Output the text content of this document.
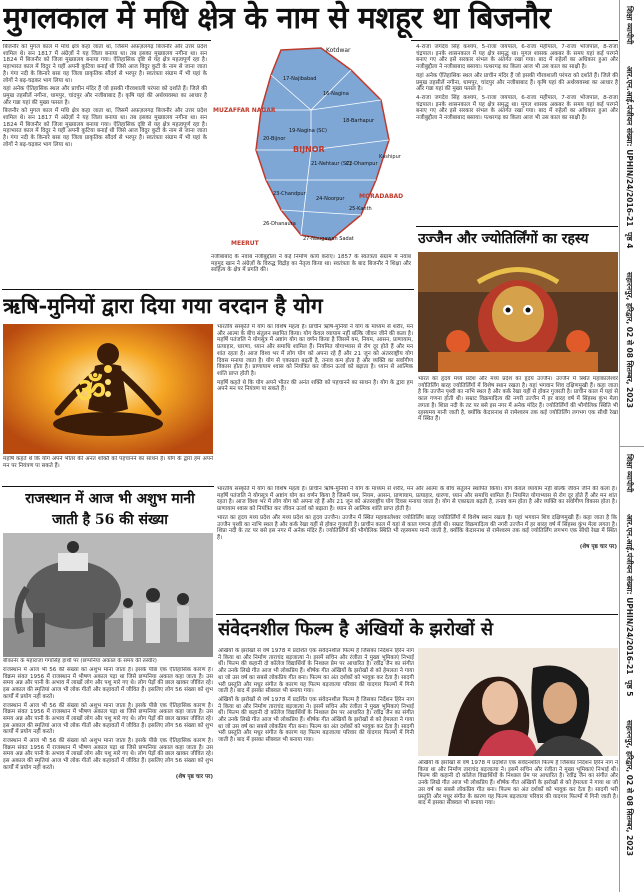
मुगलकाल में मधि क्षेत्र के नाम से मशहूर था बिजनौर

बिजनौर को मुगल काल में मधि क्षेत्र कहा जाता था, जिसमें अफ़ज़लगढ़ बिजनौर और उत्तर प्रदेश शामिल थे। सन 1817 में अंग्रेज़ों ने यह जिला बनाया था। तब इसका मुख्यालय नगीना था। सन 1824 में बिजनौर को जिला मुख्यालय बनाया गया। ऐतिहासिक दृष्टि से यह क्षेत्र महत्वपूर्ण रहा है। महाभारत काल में विदुर ने यहीं अपनी कुटिया बनाई थी जिसे आज विदुर कुटी के नाम से जाना जाता है। गंगा नदी के किनारे बसा यह जिला प्राकृतिक सौंदर्य से भरपूर है। स्वतंत्रता संग्राम में भी यहां के लोगों ने बढ़-चढ़कर भाग लिया था।

यहां अनेक ऐतिहासिक स्थल और प्राचीन मंदिर हैं जो इसकी गौरवशाली परंपरा को दर्शाते हैं। जिले की प्रमुख तहसीलें नगीना, धामपुर, चांदपुर और नजीबाबाद हैं। कृषि यहां की अर्थव्यवस्था का आधार है और गन्ना यहां की मुख्य फसल है।

बिजनौर को मुगल काल में मधि क्षेत्र कहा जाता था, जिसमें अफ़ज़लगढ़ बिजनौर और उत्तर प्रदेश शामिल थे। सन 1817 में अंग्रेज़ों ने यह जिला बनाया था। तब इसका मुख्यालय नगीना था। सन 1824 में बिजनौर को जिला मुख्यालय बनाया गया। ऐतिहासिक दृष्टि से यह क्षेत्र महत्वपूर्ण रहा है। महाभारत काल में विदुर ने यहीं अपनी कुटिया बनाई थी जिसे आज विदुर कुटी के नाम से जाना जाता है। गंगा नदी के किनारे बसा यह जिला प्राकृतिक सौंदर्य से भरपूर है। स्वतंत्रता संग्राम में भी यहां के लोगों ने बढ़-चढ़कर भाग लिया था।

Kotdwar
17-Najibabad
16-Nagina
18-Barhapur
19-Nagina (SC)
20-Bijnor
21-Nehtaur (SC)
22-Dhampur
23-Chandpur
24-Noorpur
25-Kanth
26-Dhanaura
27-Naugawan Sadat
BIJNOR
MUZAFFAR NAGAR
MORADABAD
MEERUT
Kashipur

नजीबाबाद के नवाब नजीबुद्दौला ने कई निर्माण कार्य कराए। 1857 के स्वतंत्रता संग्राम में नवाब महमूद खान ने अंग्रेज़ों के विरुद्ध विद्रोह का नेतृत्व किया था। स्वतंत्रता के बाद बिजनौर ने शिक्षा और साहित्य के क्षेत्र में प्रगति की।

4-राजा जगदेव सिंह कश्यप, 5-राजा जयपाल, 6-राजा महीपाल, 7-राजा भोजपाल, 8-राजा चंद्रपाल। इनके शासनकाल में यह क्षेत्र समृद्ध था। मुगल शासक अकबर के समय यहां कई परगने बनाए गए और इसे सरकार संभल के अंतर्गत रखा गया। बाद में रुहेलों का अधिकार हुआ और नजीबुद्दौला ने नजीबाबाद बसाया। पत्थरगढ़ का किला आज भी उस काल का साक्षी है।

यहां अनेक ऐतिहासिक स्थल और प्राचीन मंदिर हैं जो इसकी गौरवशाली परंपरा को दर्शाते हैं। जिले की प्रमुख तहसीलें नगीना, धामपुर, चांदपुर और नजीबाबाद हैं। कृषि यहां की अर्थव्यवस्था का आधार है और गन्ना यहां की मुख्य फसल है।

4-राजा जगदेव सिंह कश्यप, 5-राजा जयपाल, 6-राजा महीपाल, 7-राजा भोजपाल, 8-राजा चंद्रपाल। इनके शासनकाल में यह क्षेत्र समृद्ध था। मुगल शासक अकबर के समय यहां कई परगने बनाए गए और इसे सरकार संभल के अंतर्गत रखा गया। बाद में रुहेलों का अधिकार हुआ और नजीबुद्दौला ने नजीबाबाद बसाया। पत्थरगढ़ का किला आज भी उस काल का साक्षी है।

उज्जैन और ज्योतिर्लिंगों का रहस्य

भारत का हृदय मध्य प्रदेश और मध्य प्रदेश का हृदय उज्जैन। उज्जैन में स्थित महाकालेश्वर ज्योतिर्लिंग बारह ज्योतिर्लिंगों में विशेष स्थान रखता है। यहां भगवान शिव दक्षिणमुखी हैं। कहा जाता है कि उज्जैन पृथ्वी का नाभि स्थल है और कर्क रेखा यहीं से होकर गुजरती है। प्राचीन काल में यहां से काल गणना होती थी। सम्राट विक्रमादित्य की नगरी उज्जैन में हर बारह वर्ष में सिंहस्थ कुंभ मेला लगता है। शिप्रा नदी के तट पर बसे इस नगर में अनेक मंदिर हैं। ज्योतिर्लिंगों की भौगोलिक स्थिति भी रहस्यमय मानी जाती है, क्योंकि केदारनाथ से रामेश्वरम तक कई ज्योतिर्लिंग लगभग एक सीधी रेखा में स्थित हैं।

ऋषि-मुनियों द्वारा दिया गया वरदान है योग
ॐ

महर्षि कहते थे कि योग अपने भीतर की अनंत शक्ति को पहचानने का साधन है। योग के द्वारा हम अपने मन पर नियंत्रण पा सकते हैं।

भारतीय संस्कृति में योग का विशेष महत्व है। प्राचीन ऋषि-मुनियों ने योग के माध्यम से शरीर, मन और आत्मा के बीच संतुलन स्थापित किया। योग केवल व्यायाम नहीं बल्कि जीवन जीने की कला है। महर्षि पतंजलि ने योगसूत्र में अष्टांग योग का वर्णन किया है जिसमें यम, नियम, आसन, प्राणायाम, प्रत्याहार, धारणा, ध्यान और समाधि शामिल हैं। नियमित योगाभ्यास से रोग दूर होते हैं और मन शांत रहता है। आज विश्व भर में लोग योग को अपना रहे हैं और 21 जून को अंतरराष्ट्रीय योग दिवस मनाया जाता है। योग से एकाग्रता बढ़ती है, तनाव कम होता है और व्यक्ति का सर्वांगीण विकास होता है। प्राणायाम श्वास को नियंत्रित कर जीवन ऊर्जा को बढ़ाता है। ध्यान से आत्मिक शांति प्राप्त होती है।

महर्षि कहते थे कि योग अपने भीतर की अनंत शक्ति को पहचानने का साधन है। योग के द्वारा हम अपने मन पर नियंत्रण पा सकते हैं।

राजस्थान में आज भी अशुभ मानी
जाती है 56 की संख्या
बीकानेर के महाराजा गंगासिंह हाथी पर (छप्पनिया अकाल के समय की तस्वीर)

राजस्थान में आज भी 56 की संख्या को अशुभ माना जाता है। इसके पीछे एक ऐतिहासिक कारण है। विक्रम संवत 1956 में राजस्थान में भीषण अकाल पड़ा था जिसे छप्पनिया अकाल कहा जाता है। उस समय अन्न और पानी के अभाव में लाखों लोग और पशु मारे गए थे। लोग पेड़ों की छाल खाकर जीवित रहे। इस अकाल की स्मृतियां आज भी लोक गीतों और कहावतों में जीवित हैं। इसलिए लोग 56 संख्या को शुभ कार्यों में प्रयोग नहीं करते।

राजस्थान में आज भी 56 की संख्या को अशुभ माना जाता है। इसके पीछे एक ऐतिहासिक कारण है। विक्रम संवत 1956 में राजस्थान में भीषण अकाल पड़ा था जिसे छप्पनिया अकाल कहा जाता है। उस समय अन्न और पानी के अभाव में लाखों लोग और पशु मारे गए थे। लोग पेड़ों की छाल खाकर जीवित रहे। इस अकाल की स्मृतियां आज भी लोक गीतों और कहावतों में जीवित हैं। इसलिए लोग 56 संख्या को शुभ कार्यों में प्रयोग नहीं करते।

राजस्थान में आज भी 56 की संख्या को अशुभ माना जाता है। इसके पीछे एक ऐतिहासिक कारण है। विक्रम संवत 1956 में राजस्थान में भीषण अकाल पड़ा था जिसे छप्पनिया अकाल कहा जाता है। उस समय अन्न और पानी के अभाव में लाखों लोग और पशु मारे गए थे। लोग पेड़ों की छाल खाकर जीवित रहे। इस अकाल की स्मृतियां आज भी लोक गीतों और कहावतों में जीवित हैं। इसलिए लोग 56 संख्या को शुभ कार्यों में प्रयोग नहीं करते।

(शेष पृष्ठ चार पर)

भारतीय संस्कृति में योग का विशेष महत्व है। प्राचीन ऋषि-मुनियों ने योग के माध्यम से शरीर, मन और आत्मा के बीच संतुलन स्थापित किया। योग केवल व्यायाम नहीं बल्कि जीवन जीने की कला है। महर्षि पतंजलि ने योगसूत्र में अष्टांग योग का वर्णन किया है जिसमें यम, नियम, आसन, प्राणायाम, प्रत्याहार, धारणा, ध्यान और समाधि शामिल हैं। नियमित योगाभ्यास से रोग दूर होते हैं और मन शांत रहता है। आज विश्व भर में लोग योग को अपना रहे हैं और 21 जून को अंतरराष्ट्रीय योग दिवस मनाया जाता है। योग से एकाग्रता बढ़ती है, तनाव कम होता है और व्यक्ति का सर्वांगीण विकास होता है। प्राणायाम श्वास को नियंत्रित कर जीवन ऊर्जा को बढ़ाता है। ध्यान से आत्मिक शांति प्राप्त होती है।

भारत का हृदय मध्य प्रदेश और मध्य प्रदेश का हृदय उज्जैन। उज्जैन में स्थित महाकालेश्वर ज्योतिर्लिंग बारह ज्योतिर्लिंगों में विशेष स्थान रखता है। यहां भगवान शिव दक्षिणमुखी हैं। कहा जाता है कि उज्जैन पृथ्वी का नाभि स्थल है और कर्क रेखा यहीं से होकर गुजरती है। प्राचीन काल में यहां से काल गणना होती थी। सम्राट विक्रमादित्य की नगरी उज्जैन में हर बारह वर्ष में सिंहस्थ कुंभ मेला लगता है। शिप्रा नदी के तट पर बसे इस नगर में अनेक मंदिर हैं। ज्योतिर्लिंगों की भौगोलिक स्थिति भी रहस्यमय मानी जाती है, क्योंकि केदारनाथ से रामेश्वरम तक कई ज्योतिर्लिंग लगभग एक सीधी रेखा में स्थित हैं।

(शेष पृष्ठ चार पर)

संवेदनशील फिल्म है अंखियों के झरोखों से

अंखियों के झरोखों से वर्ष 1978 में प्रदर्शित एक संवेदनशील फिल्म है जिसका निर्देशन हिरेन नाग ने किया था और निर्माण ताराचंद बड़जात्या ने। इसमें सचिन और रंजीता ने मुख्य भूमिकाएं निभाई थीं। फिल्म की कहानी दो कॉलेज विद्यार्थियों के निश्छल प्रेम पर आधारित है। रवींद्र जैन का संगीत और उनके लिखे गीत आज भी लोकप्रिय हैं। शीर्षक गीत अंखियों के झरोखों से को हेमलता ने गाया था जो उस वर्ष का सबसे लोकप्रिय गीत बना। फिल्म का अंत दर्शकों को भावुक कर देता है। सादगी भरी प्रस्तुति और मधुर संगीत के कारण यह फिल्म बड़जात्या परिवार की यादगार फिल्मों में गिनी जाती है। बाद में इसका सीक्वल भी बनाया गया।

अंखियों के झरोखों से वर्ष 1978 में प्रदर्शित एक संवेदनशील फिल्म है जिसका निर्देशन हिरेन नाग ने किया था और निर्माण ताराचंद बड़जात्या ने। इसमें सचिन और रंजीता ने मुख्य भूमिकाएं निभाई थीं। फिल्म की कहानी दो कॉलेज विद्यार्थियों के निश्छल प्रेम पर आधारित है। रवींद्र जैन का संगीत और उनके लिखे गीत आज भी लोकप्रिय हैं। शीर्षक गीत अंखियों के झरोखों से को हेमलता ने गाया था जो उस वर्ष का सबसे लोकप्रिय गीत बना। फिल्म का अंत दर्शकों को भावुक कर देता है। सादगी भरी प्रस्तुति और मधुर संगीत के कारण यह फिल्म बड़जात्या परिवार की यादगार फिल्मों में गिनी जाती है। बाद में इसका सीक्वल भी बनाया गया।

अंखियों के झरोखों से वर्ष 1978 में प्रदर्शित एक संवेदनशील फिल्म है जिसका निर्देशन हिरेन नाग ने किया था और निर्माण ताराचंद बड़जात्या ने। इसमें सचिन और रंजीता ने मुख्य भूमिकाएं निभाई थीं। फिल्म की कहानी दो कॉलेज विद्यार्थियों के निश्छल प्रेम पर आधारित है। रवींद्र जैन का संगीत और उनके लिखे गीत आज भी लोकप्रिय हैं। शीर्षक गीत अंखियों के झरोखों से को हेमलता ने गाया था जो उस वर्ष का सबसे लोकप्रिय गीत बना। फिल्म का अंत दर्शकों को भावुक कर देता है। सादगी भरी प्रस्तुति और मधुर संगीत के कारण यह फिल्म बड़जात्या परिवार की यादगार फिल्मों में गिनी जाती है। बाद में इसका सीक्वल भी बनाया गया।

शिक्षा व्यापीपी
आर.एन.आई.पंजीयन संख्या: UPHIN/24/2016-21
पृष्ठ 4
सहारनपुर, हरिद्वार, 02 से 08 सितम्बर, 2023
शिक्षा व्यापीपी
आर.एन.आई.पंजीयन संख्या: UPHIN/24/2016-21
पृष्ठ 5
सहारनपुर, हरिद्वार, 02 से 08 सितम्बर, 2023
